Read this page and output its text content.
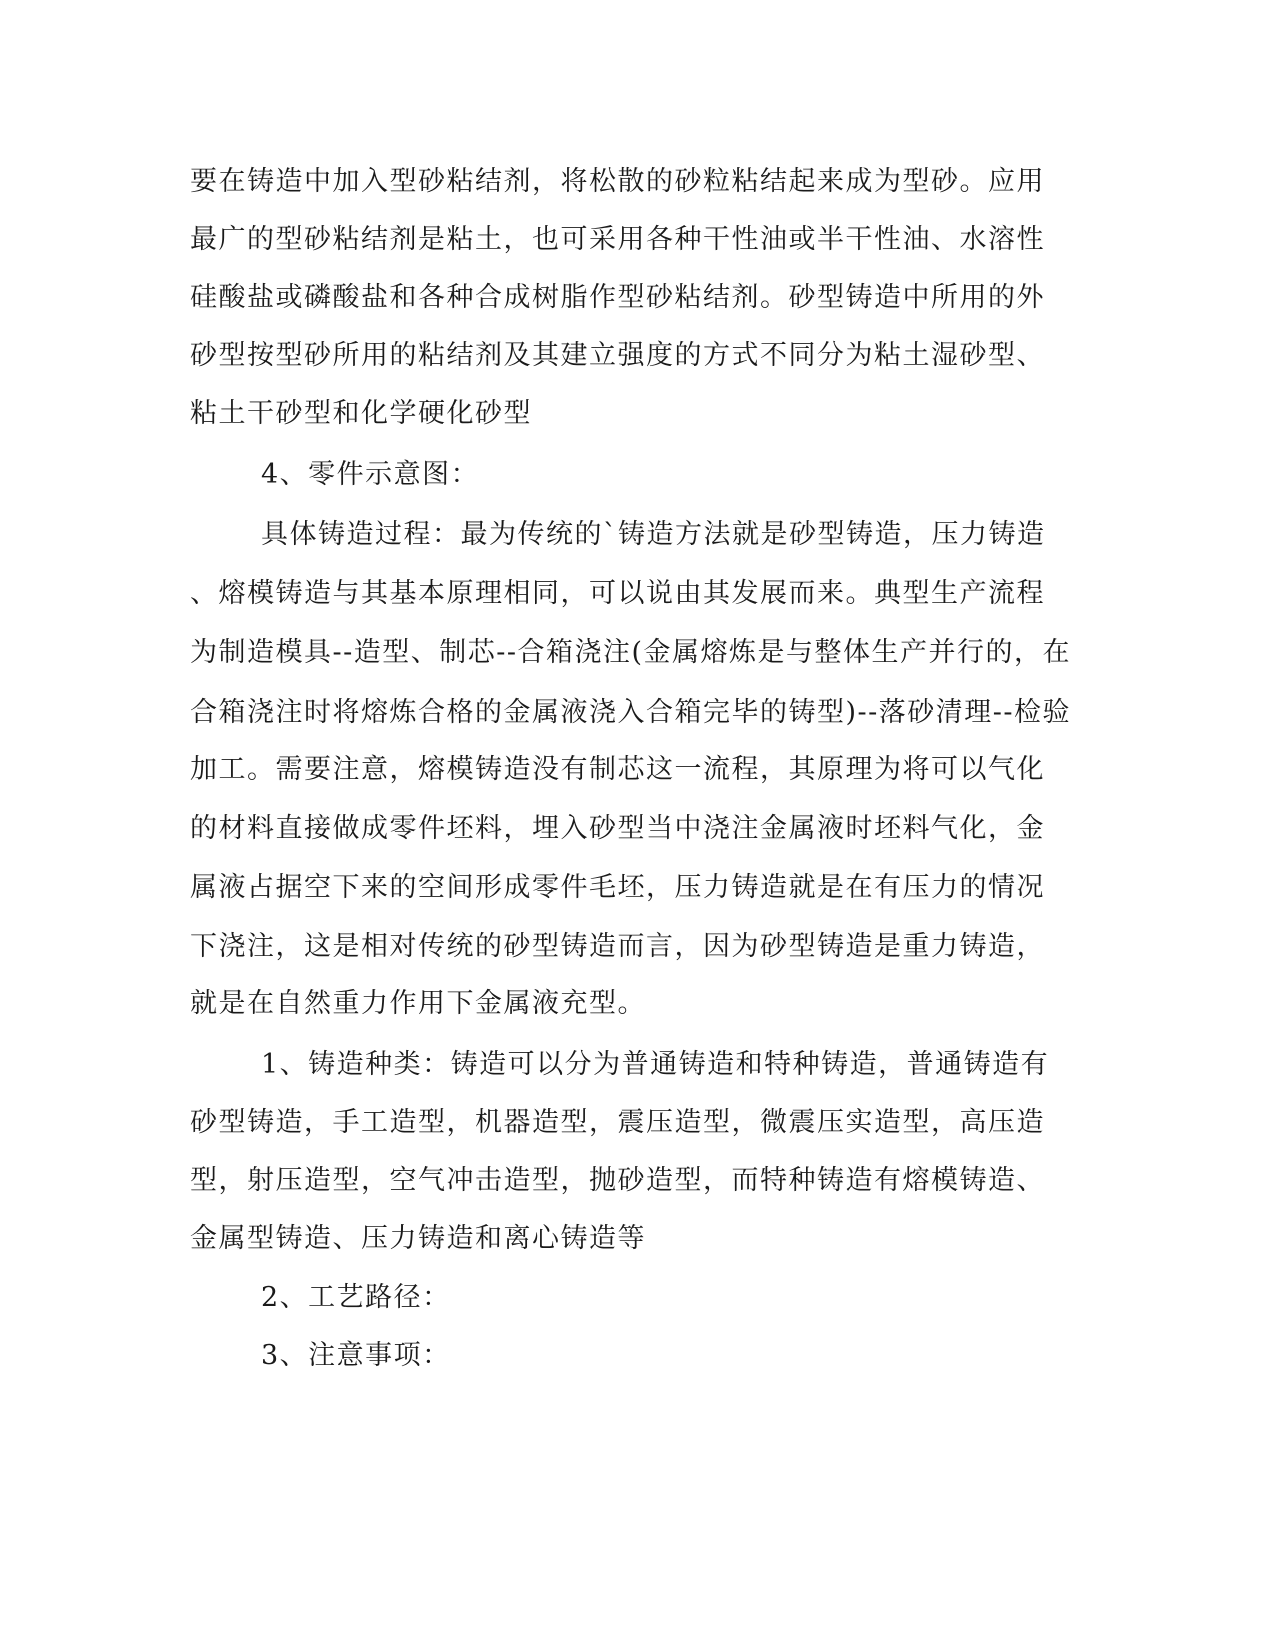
要在铸造中加入型砂粘结剂，将松散的砂粒粘结起来成为型砂。应用
最广的型砂粘结剂是粘土，也可采用各种干性油或半干性油、水溶性
硅酸盐或磷酸盐和各种合成树脂作型砂粘结剂。砂型铸造中所用的外
砂型按型砂所用的粘结剂及其建立强度的方式不同分为粘土湿砂型、
粘土干砂型和化学硬化砂型
4、零件示意图：
具体铸造过程：最为传统的`铸造方法就是砂型铸造，压力铸造
、熔模铸造与其基本原理相同，可以说由其发展而来。典型生产流程
为制造模具--造型、制芯--合箱浇注(金属熔炼是与整体生产并行的，在
合箱浇注时将熔炼合格的金属液浇入合箱完毕的铸型)--落砂清理--检验
加工。需要注意，熔模铸造没有制芯这一流程，其原理为将可以气化
的材料直接做成零件坯料，埋入砂型当中浇注金属液时坯料气化，金
属液占据空下来的空间形成零件毛坯，压力铸造就是在有压力的情况
下浇注，这是相对传统的砂型铸造而言，因为砂型铸造是重力铸造，
就是在自然重力作用下金属液充型。
1、铸造种类：铸造可以分为普通铸造和特种铸造，普通铸造有
砂型铸造，手工造型，机器造型，震压造型，微震压实造型，高压造
型，射压造型，空气冲击造型，抛砂造型，而特种铸造有熔模铸造、
金属型铸造、压力铸造和离心铸造等
2、工艺路径：
3、注意事项：
